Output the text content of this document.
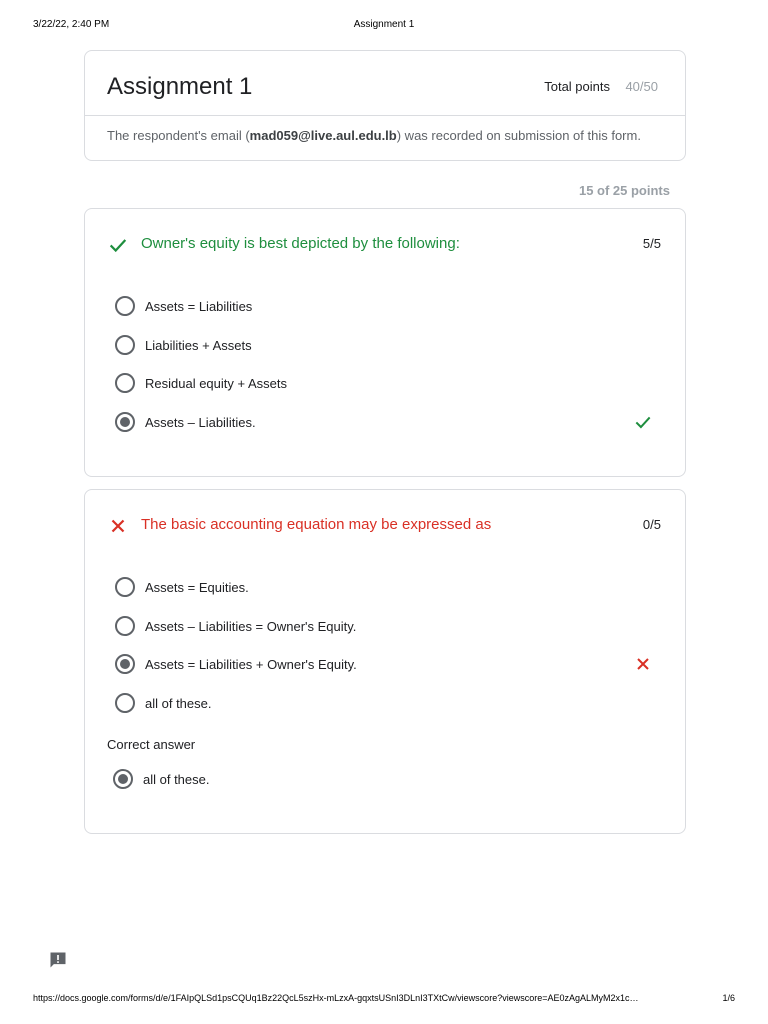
3/22/22, 2:40 PM	Assignment 1
Assignment 1	Total points 40/50
The respondent's email (mad059@live.aul.edu.lb) was recorded on submission of this form.
15 of 25 points
Owner's equity is best depicted by the following:	5/5
Assets = Liabilities
Liabilities + Assets
Residual equity + Assets
Assets – Liabilities.
The basic accounting equation may be expressed as	0/5
Assets = Equities.
Assets – Liabilities = Owner's Equity.
Assets = Liabilities + Owner's Equity.
all of these.
Correct answer
all of these.
https://docs.google.com/forms/d/e/1FAIpQLSd1psCQUq1Bz22QcL5szHx-mLzxA-gqxtsUSnI3DLnI3TXtCw/viewscore?viewscore=AE0zAgALMyM2x1c…	1/6
